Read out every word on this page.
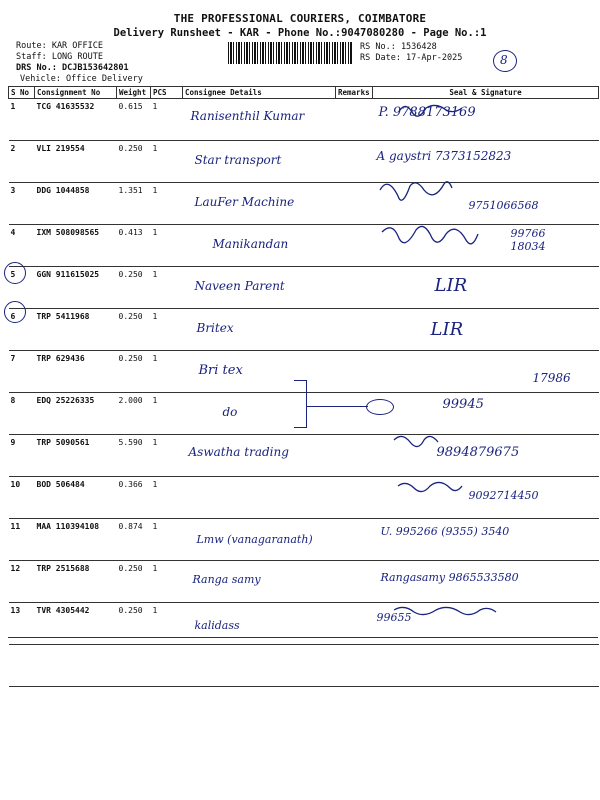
THE PROFESSIONAL COURIERS, COIMBATORE
Delivery Runsheet - KAR - Phone No.:9047080280 - Page No.:1
Route: KAR OFFICE
Staff: LONG ROUTE
DRS No.: DCJB153642801
Vehicle: Office Delivery
RS No.: 1536428
RS Date: 17-Apr-2025	8
S No	Consignment No	Weight	PCS	Consignee Details	Remarks	Seal & Signature
1	TCG 41635532	0.615	1	Ranisenthil Kumar		P. 9788173169

2	VLI 219554	0.250	1	Star transport		A gaystri 7373152823

3	DDG 1044858	1.351	1	LauFer Machine		9751066568

4	IXM 508098565	0.413	1	Manikandan		99766 18034

5	GGN 911615025	0.250	1	Naveen Parent		LIR

6	TRP 5411968	0.250	1	Britex		LIR

7	TRP 629436	0.250	1	Bri tex		17986

8	EDQ 25226335	2.000	1	do		99945

9	TRP 5090561	5.590	1	Aswatha trading		9894879675

10	BOD 506484	0.366	1			9092714450

11	MAA 110394108	0.874	1	Lmw (vanagaranath)		U. 995266 (9355) 3540

12	TRP 2515688	0.250	1	Ranga samy		Rangasamy 9865533580

13	TVR 4305442	0.250	1	kalidass		99655
